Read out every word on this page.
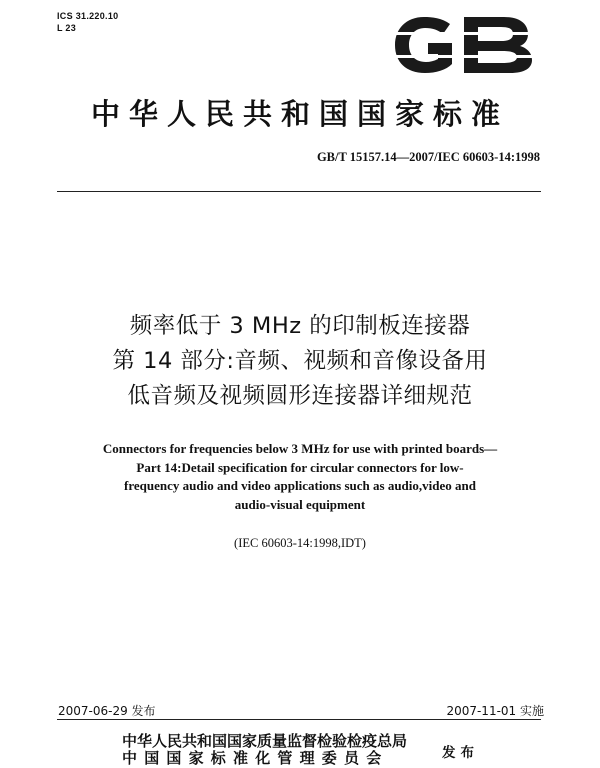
ICS 31.220.10
L 23
中华人民共和国国家标准
GB/T 15157.14—2007/IEC 60603-14:1998
频率低于 3 MHz 的印制板连接器
第 14 部分:音频、视频和音像设备用
低音频及视频圆形连接器详细规范
Connectors for frequencies below 3 MHz for use with printed boards—
Part 14:Detail specification for circular connectors for low-
frequency audio and video applications such as audio,video and
audio-visual equipment
(IEC 60603-14:1998,IDT)
2007-06-29 发布	2007-11-01 实施
中华人民共和国国家质量监督检验检疫总局
中国国家标准化管理委员会	发布
